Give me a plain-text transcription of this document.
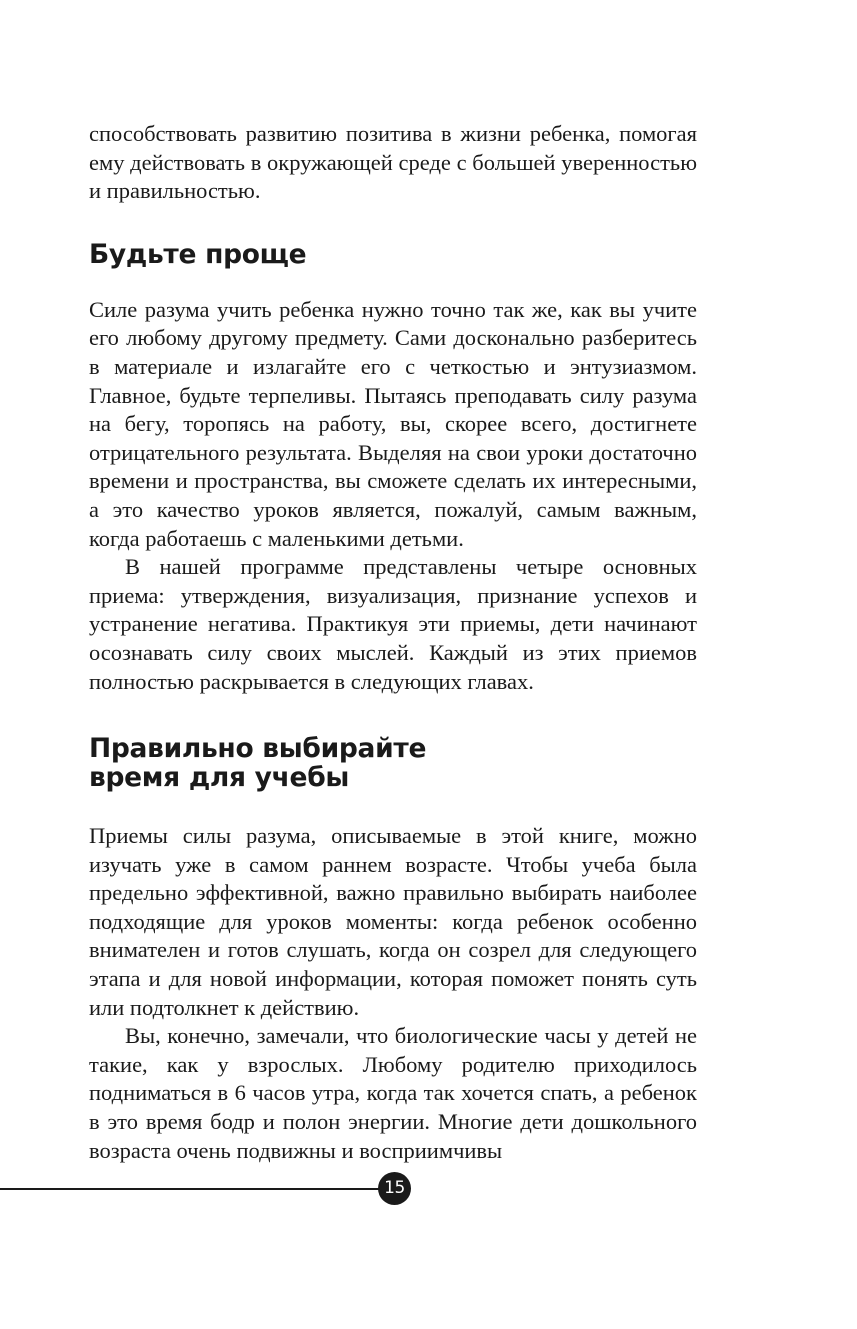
способствовать развитию позитива в жизни ребенка, помогая ему действовать в окружающей среде с большей уверенностью и правильностью.

Будьте проще

Силе разума учить ребенка нужно точно так же, как вы учите его любому другому предмету. Сами досконально разберитесь в материале и излагайте его с четкостью и энтузиазмом. Главное, будьте терпеливы. Пытаясь преподавать силу разума на бегу, торопясь на работу, вы, скорее всего, достигнете отрицательного результата. Выделяя на свои уроки достаточно времени и пространства, вы сможете сделать их интересными, а это качество уроков является, пожалуй, самым важным, когда работаешь с маленькими детьми.

В нашей программе представлены четыре основных приема: утверждения, визуализация, признание успехов и устранение негатива. Практикуя эти приемы, дети начинают осознавать силу своих мыслей. Каждый из этих приемов полностью раскрывается в следующих главах.

Правильно выбирайте
время для учебы

Приемы силы разума, описываемые в этой книге, можно изучать уже в самом раннем возрасте. Чтобы учеба была предельно эффективной, важно правильно выбирать наиболее подходящие для уроков моменты: когда ребенок особенно внимателен и готов слушать, когда он созрел для следующего этапа и для новой информации, которая поможет понять суть или подтолкнет к действию.

Вы, конечно, замечали, что биологические часы у детей не такие, как у взрослых. Любому родителю приходилось подниматься в 6 часов утра, когда так хочется спать, а ребенок в это время бодр и полон энергии. Многие дети дошкольного возраста очень подвижны и восприимчивы

15
